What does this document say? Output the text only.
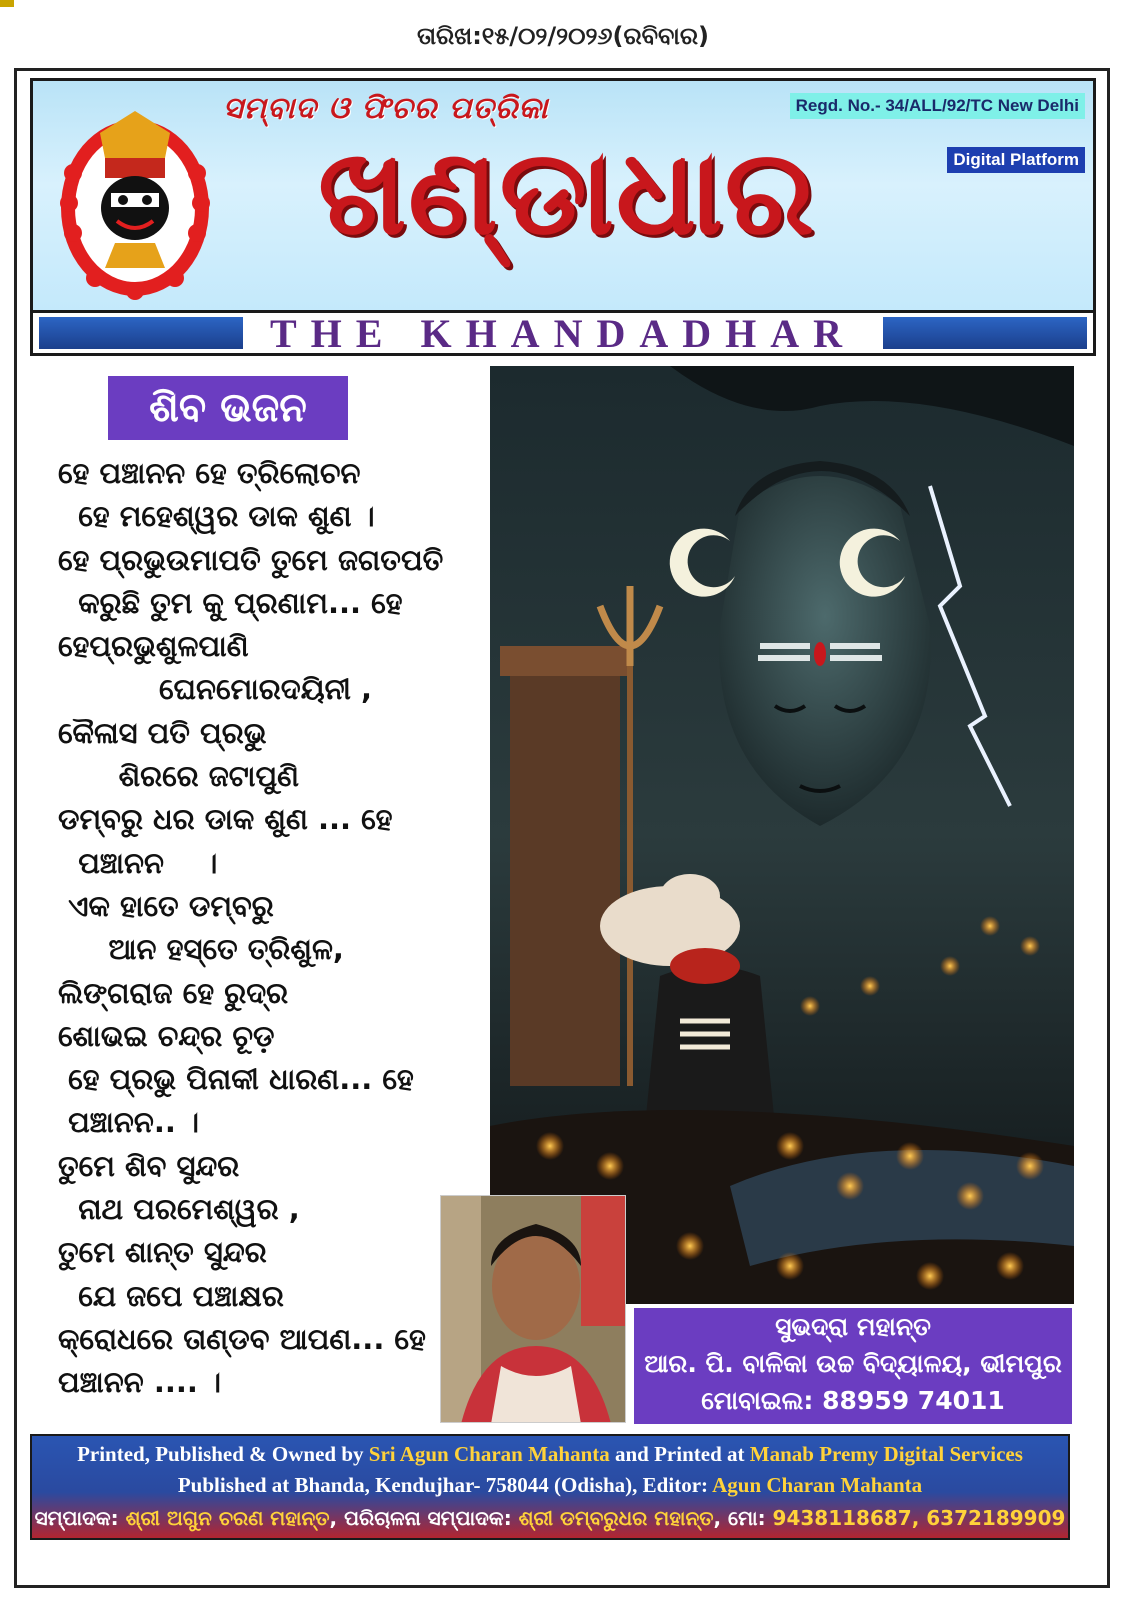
ତାରିଖ:୧୫/୦୨/୨୦୨୬(ରବିବାର)
ସମ୍ବାଦ ଓ ଫିଚର ପତ୍ରିକା
ଖଣ୍ଡାଧାର
Regd. No.- 34/ALL/92/TC New Delhi
Digital Platform
THE KHANDADHAR
ଶିବ ଭଜନ
ହେ ପଞ୍ଚାନନ ହେ ତ୍ରିଲୋଚନ
ହେ ମହେଶ୍ୱର ଡାକ ଶୁଣ ।
ହେ ପ୍ରଭୁଉମାପତି ତୁମେ ଜଗତପତି
କରୁଛି ତୁମ କୁ ପ୍ରଣାମ... ହେ
ହେପ୍ରଭୁଶୁଳପାଣି
ଘେନମୋରଦୟିନୀ ,
କୈଳାସ ପତି ପ୍ରଭୁ
ଶିରରେ ଜଟାପୁଣି
ଡମ୍ବରୁ ଧର ଡାକ ଶୁଣ ... ହେ
ପଞ୍ଚାନନ    ।
ଏକ ହାତେ ଡମ୍ବରୁ
ଆନ ହସ୍ତେ ତ୍ରିଶୁଳ,
ଲିଙ୍ଗରାଜ ହେ ରୁଦ୍ର
ଶୋଭଇ ଚନ୍ଦ୍ର ଚୂଡ଼
ହେ ପ୍ରଭୁ ପିନାକୀ ଧାରଣ... ହେ
ପଞ୍ଚାନନ.. ।
ତୁମେ ଶିବ ସୁନ୍ଦର
ନାଥ ପରମେଶ୍ୱର ,
ତୁମେ ଶାନ୍ତ ସୁନ୍ଦର
ଯେ ଜପେ ପଞ୍ଚାକ୍ଷର
କ୍ରୋଧରେ ତାଣ୍ଡବ ଆପଣ... ହେ
ପଞ୍ଚାନନ .... ।
ସୁଭଦ୍ରା ମହାନ୍ତ
ଆର. ପି. ବାଳିକା ଉଚ୍ଚ ବିଦ୍ୟାଳୟ, ଭୀମପୁର
ମୋବାଇଲ: 88959 74011
Printed, Published & Owned by Sri Agun Charan Mahanta and Printed at Manab Premy Digital Services
Published at Bhanda, Kendujhar- 758044 (Odisha), Editor: Agun Charan Mahanta
ସମ୍ପାଦକ: ଶ୍ରୀ ଅଗୁନ ଚରଣ ମହାନ୍ତ, ପରିଚାଳନା ସମ୍ପାଦକ: ଶ୍ରୀ ଡମ୍ବରୁଧର ମହାନ୍ତ, ମୋ: 9438118687, 6372189909
